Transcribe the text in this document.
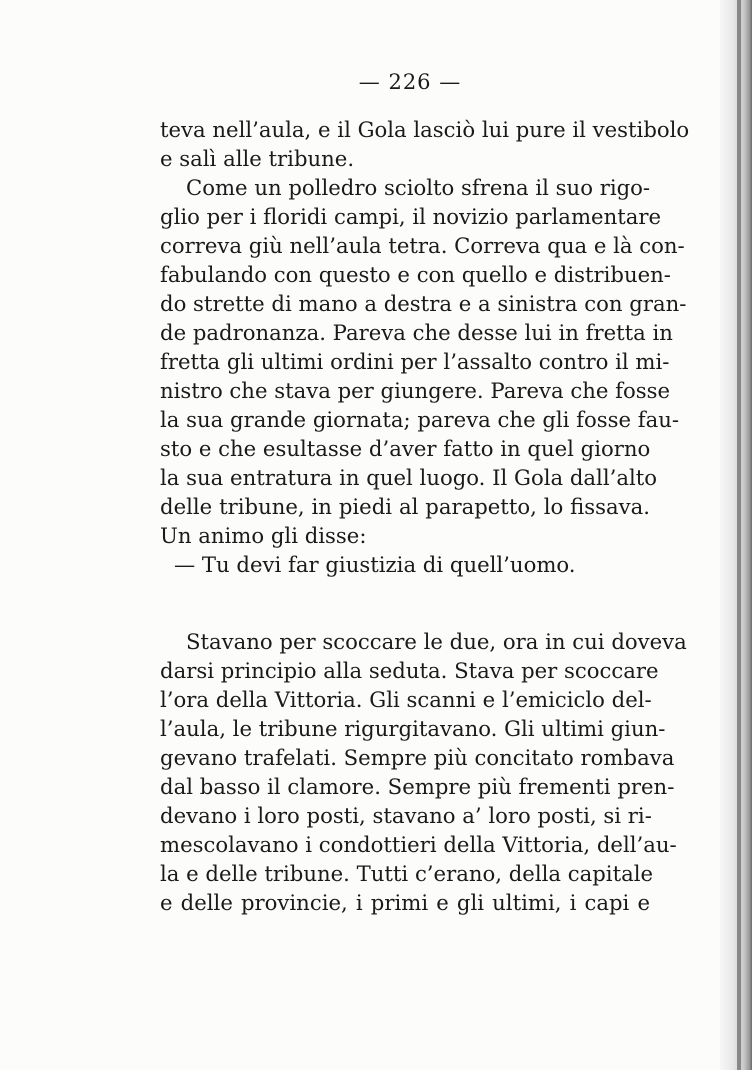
— 226 —
teva nell’aula, e il Gola lasciò lui pure il vestibolo
e salì alle tribune.
Come un polledro sciolto sfrena il suo rigo-
glio per i floridi campi, il novizio parlamentare
correva giù nell’aula tetra. Correva qua e là con-
fabulando con questo e con quello e distribuen-
do strette di mano a destra e a sinistra con gran-
de padronanza. Pareva che desse lui in fretta in
fretta gli ultimi ordini per l’assalto contro il mi-
nistro che stava per giungere. Pareva che fosse
la sua grande giornata; pareva che gli fosse fau-
sto e che esultasse d’aver fatto in quel giorno
la sua entratura in quel luogo. Il Gola dall’alto
delle tribune, in piedi al parapetto, lo fissava.
Un animo gli disse:
— Tu devi far giustizia di quell’uomo.
Stavano per scoccare le due, ora in cui doveva
darsi principio alla seduta. Stava per scoccare
l’ora della Vittoria. Gli scanni e l’emiciclo del-
l’aula, le tribune rigurgitavano. Gli ultimi giun-
gevano trafelati. Sempre più concitato rombava
dal basso il clamore. Sempre più frementi pren-
devano i loro posti, stavano a’ loro posti, si ri-
mescolavano i condottieri della Vittoria, dell’au-
la e delle tribune. Tutti c’erano, della capitale
e delle provincie, i primi e gli ultimi, i capi e
